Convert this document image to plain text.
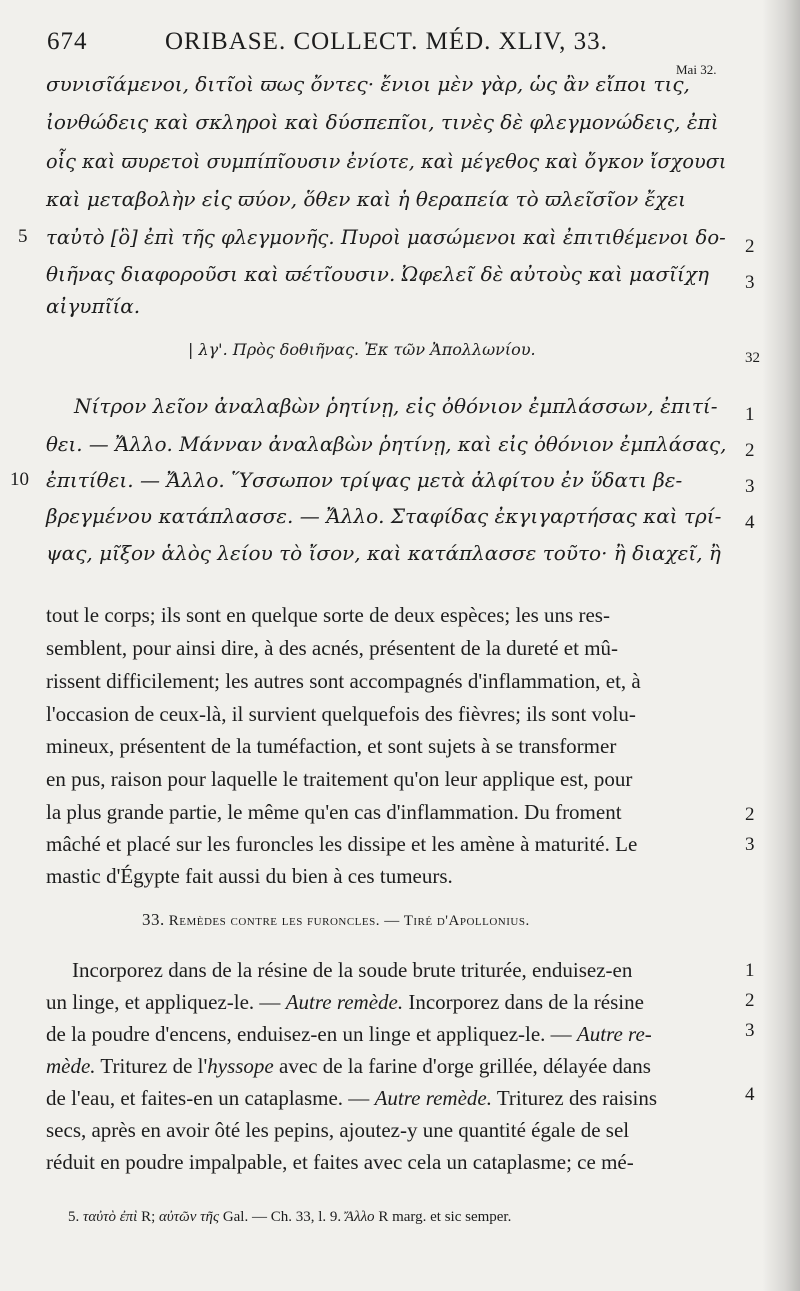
674	ORIBASE. COLLECT. MÉD. XLIV, 33.
Mai 32.
συνισῖάμενοι, διτῖοὶ ϖως ὄντες· ἔνιοι μὲν γὰρ, ὡς ἂν εἴποι τις,
ἰονθώδεις καὶ σκληροὶ καὶ δύσπεπῖοι, τινὲς δὲ φλεγμονώδεις, ἐπὶ
οἷς καὶ ϖυρετοὶ συμπίπῖουσιν ἐνίοτε, καὶ μέγεθος καὶ ὄγκον ἴσχουσι
καὶ μεταβολὴν εἰς ϖύον, ὅθεν καὶ ἡ θεραπεία τὸ ϖλεῖσῖον ἔχει
ταὐτὸ [ὃ] ἐπὶ τῆς φλεγμονῆς. Πυροὶ μασώμενοι καὶ ἐπιτιθέμενοι δο-
θιῆνας διαφοροῦσι καὶ ϖέτῖουσιν. Ὠφελεῖ δὲ αὐτοὺς καὶ μασῖίχη
αἰγυπῖία.
5	2
3
| λγ'. Πρὸς δοθιῆνας. Ἐκ τῶν Ἀπολλωνίου.	32
Νίτρον λεῖον ἀναλαβὼν ῥητίνῃ, εἰς ὀθόνιον ἐμπλάσσων, ἐπιτί-
θει. — Ἄλλο. Μάνναν ἀναλαβὼν ῥητίνῃ, καὶ εἰς ὀθόνιον ἐμπλάσας,
ἐπιτίθει. — Ἄλλο. Ὕσσωπον τρίψας μετὰ ἀλφίτου ἐν ὕδατι βε-
βρεγμένου κατάπλασσε. — Ἄλλο. Σταφίδας ἐκγιγαρτήσας καὶ τρί-
ψας, μῖξον ἁλὸς λείου τὸ ἴσον, καὶ κατάπλασσε τοῦτο· ἢ διαχεῖ, ἢ
10
1
2
3
4
tout le corps; ils sont en quelque sorte de deux espèces; les uns res-
semblent, pour ainsi dire, à des acnés, présentent de la dureté et mû-
rissent difficilement; les autres sont accompagnés d'inflammation, et, à
l'occasion de ceux-là, il survient quelquefois des fièvres; ils sont volu-
mineux, présentent de la tuméfaction, et sont sujets à se transformer
en pus, raison pour laquelle le traitement qu'on leur applique est, pour
la plus grande partie, le même qu'en cas d'inflammation. Du froment
mâché et placé sur les furoncles les dissipe et les amène à maturité. Le
mastic d'Égypte fait aussi du bien à ces tumeurs.
2
3
33. Remèdes contre les furoncles. — Tiré d'Apollonius.
Incorporez dans de la résine de la soude brute triturée, enduisez-en
un linge, et appliquez-le. — Autre remède. Incorporez dans de la résine
de la poudre d'encens, enduisez-en un linge et appliquez-le. — Autre re-
mède. Triturez de l'hyssope avec de la farine d'orge grillée, délayée dans
de l'eau, et faites-en un cataplasme. — Autre remède. Triturez des raisins
secs, après en avoir ôté les pepins, ajoutez-y une quantité égale de sel
réduit en poudre impalpable, et faites avec cela un cataplasme; ce mé-
1
2
3
4
5. ταὐτὸ ἐπὶ R; αὐτῶν τῆς Gal. — Ch. 33, l. 9. Ἄλλο R marg. et sic semper.
